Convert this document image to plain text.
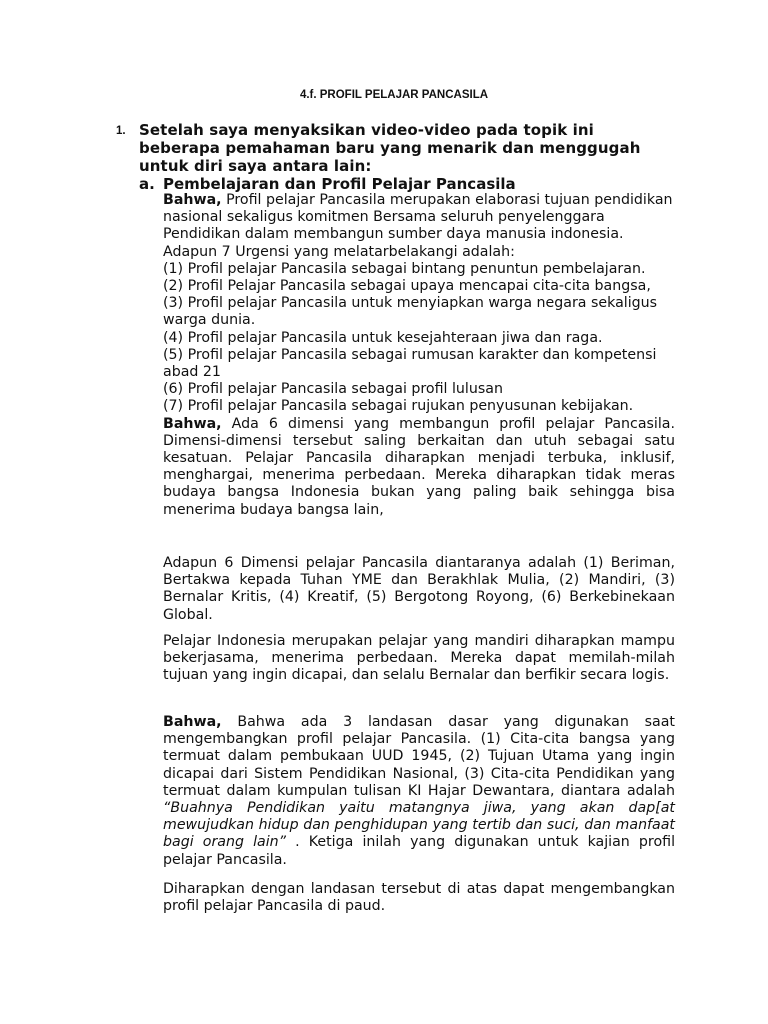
4.f. PROFIL PELAJAR PANCASILA
1. Setelah saya menyaksikan video-video pada topik ini beberapa pemahaman baru yang menarik dan menggugah untuk diri saya antara lain:
a. Pembelajaran dan Profil Pelajar Pancasila

Bahwa, Profil pelajar Pancasila merupakan elaborasi tujuan pendidikan nasional sekaligus komitmen Bersama seluruh penyelenggara Pendidikan dalam membangun sumber daya manusia indonesia.

Adapun 7 Urgensi yang melatarbelakangi adalah:

(1) Profil pelajar Pancasila sebagai bintang penuntun pembelajaran.

(2) Profil Pelajar Pancasila sebagai upaya mencapai cita-cita bangsa,

(3) Profil pelajar Pancasila untuk menyiapkan warga negara sekaligus warga dunia.

(4) Profil pelajar Pancasila untuk kesejahteraan jiwa dan raga.

(5) Profil pelajar Pancasila sebagai rumusan karakter dan kompetensi abad 21

(6) Profil pelajar Pancasila sebagai profil lulusan

(7) Profil pelajar Pancasila sebagai rujukan penyusunan kebijakan.

Bahwa, Ada 6 dimensi yang membangun profil pelajar Pancasila. Dimensi-dimensi tersebut saling berkaitan dan utuh sebagai satu kesatuan. Pelajar Pancasila diharapkan menjadi terbuka, inklusif, menghargai, menerima perbedaan. Mereka diharapkan tidak meras budaya bangsa Indonesia bukan yang paling baik sehingga bisa menerima budaya bangsa lain,

Adapun 6 Dimensi pelajar Pancasila diantaranya adalah (1) Beriman, Bertakwa kepada Tuhan YME dan Berakhlak Mulia, (2) Mandiri, (3) Bernalar Kritis, (4) Kreatif, (5) Bergotong Royong, (6) Berkebinekaan Global.
Pelajar Indonesia merupakan pelajar yang mandiri diharapkan mampu bekerjasama, menerima perbedaan. Mereka dapat memilah-milah tujuan yang ingin dicapai, dan selalu Bernalar dan berfikir secara logis.
Bahwa, Bahwa ada 3 landasan dasar yang digunakan saat mengembangkan profil pelajar Pancasila. (1) Cita-cita bangsa yang termuat dalam pembukaan UUD 1945, (2) Tujuan Utama yang ingin dicapai dari Sistem Pendidikan Nasional, (3) Cita-cita Pendidikan yang termuat dalam kumpulan tulisan KI Hajar Dewantara, diantara adalah “Buahnya Pendidikan yaitu matangnya jiwa, yang akan dap[at mewujudkan hidup dan penghidupan yang tertib dan suci, dan manfaat bagi orang lain” . Ketiga inilah yang digunakan untuk kajian profil pelajar Pancasila.
Diharapkan dengan landasan tersebut di atas dapat mengembangkan profil pelajar Pancasila di paud.
